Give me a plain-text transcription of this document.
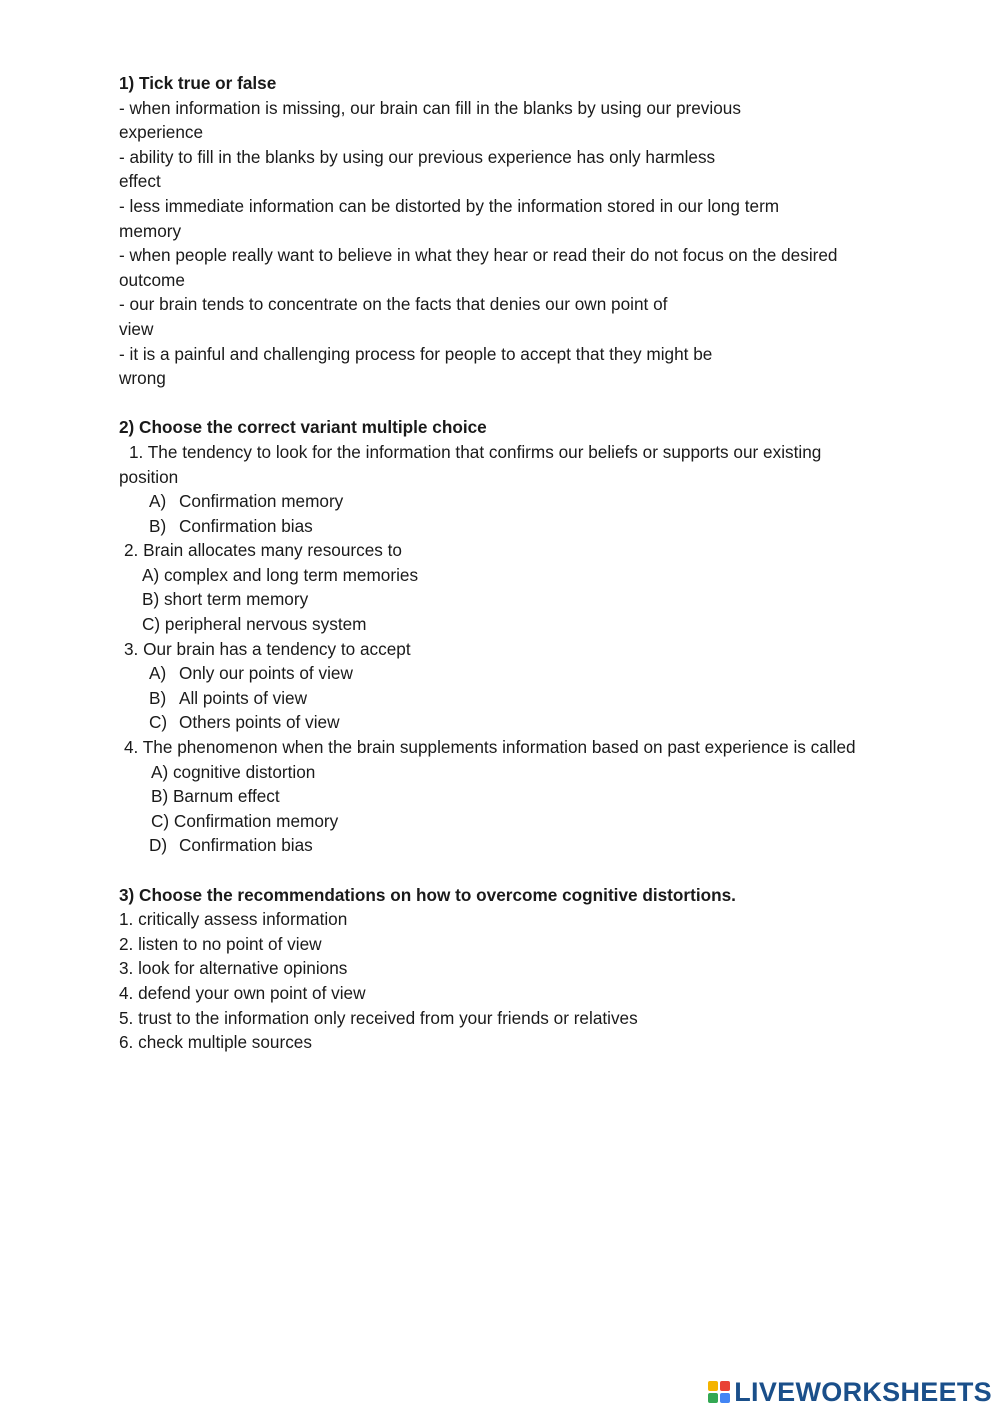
1) Tick true or false
- when information is missing, our brain can fill in the blanks by using our previous
experience
- ability to fill in the blanks by using our previous experience has only harmless
effect
- less immediate information can be distorted by the information stored in our long term
memory
- when people really want to believe in what they hear or read their do not focus on the desired
outcome
- our brain tends to concentrate on the facts that denies our own point of
view
- it is a painful and challenging process for people to accept that they might be
wrong
2) Choose the correct variant multiple choice
1. The tendency to look for the information that confirms our beliefs or supports our existing
position
A) Confirmation memory
B) Confirmation bias
2. Brain allocates many resources to
A) complex and long term memories
B) short term memory
C) peripheral nervous system
3. Our brain has a tendency to accept
A) Only our points of view
B) All points of view
C) Others points of view
4. The phenomenon when the brain supplements information based on past experience is called
A) cognitive distortion
B) Barnum effect
C) Confirmation memory
D) Confirmation bias
3) Choose the recommendations on how to overcome cognitive distortions.
1. critically assess information
2. listen to no point of view
3. look for alternative opinions
4. defend your own point of view
5. trust to the information only received from your friends or relatives
6. check multiple sources
LIVEWORKSHEETS
